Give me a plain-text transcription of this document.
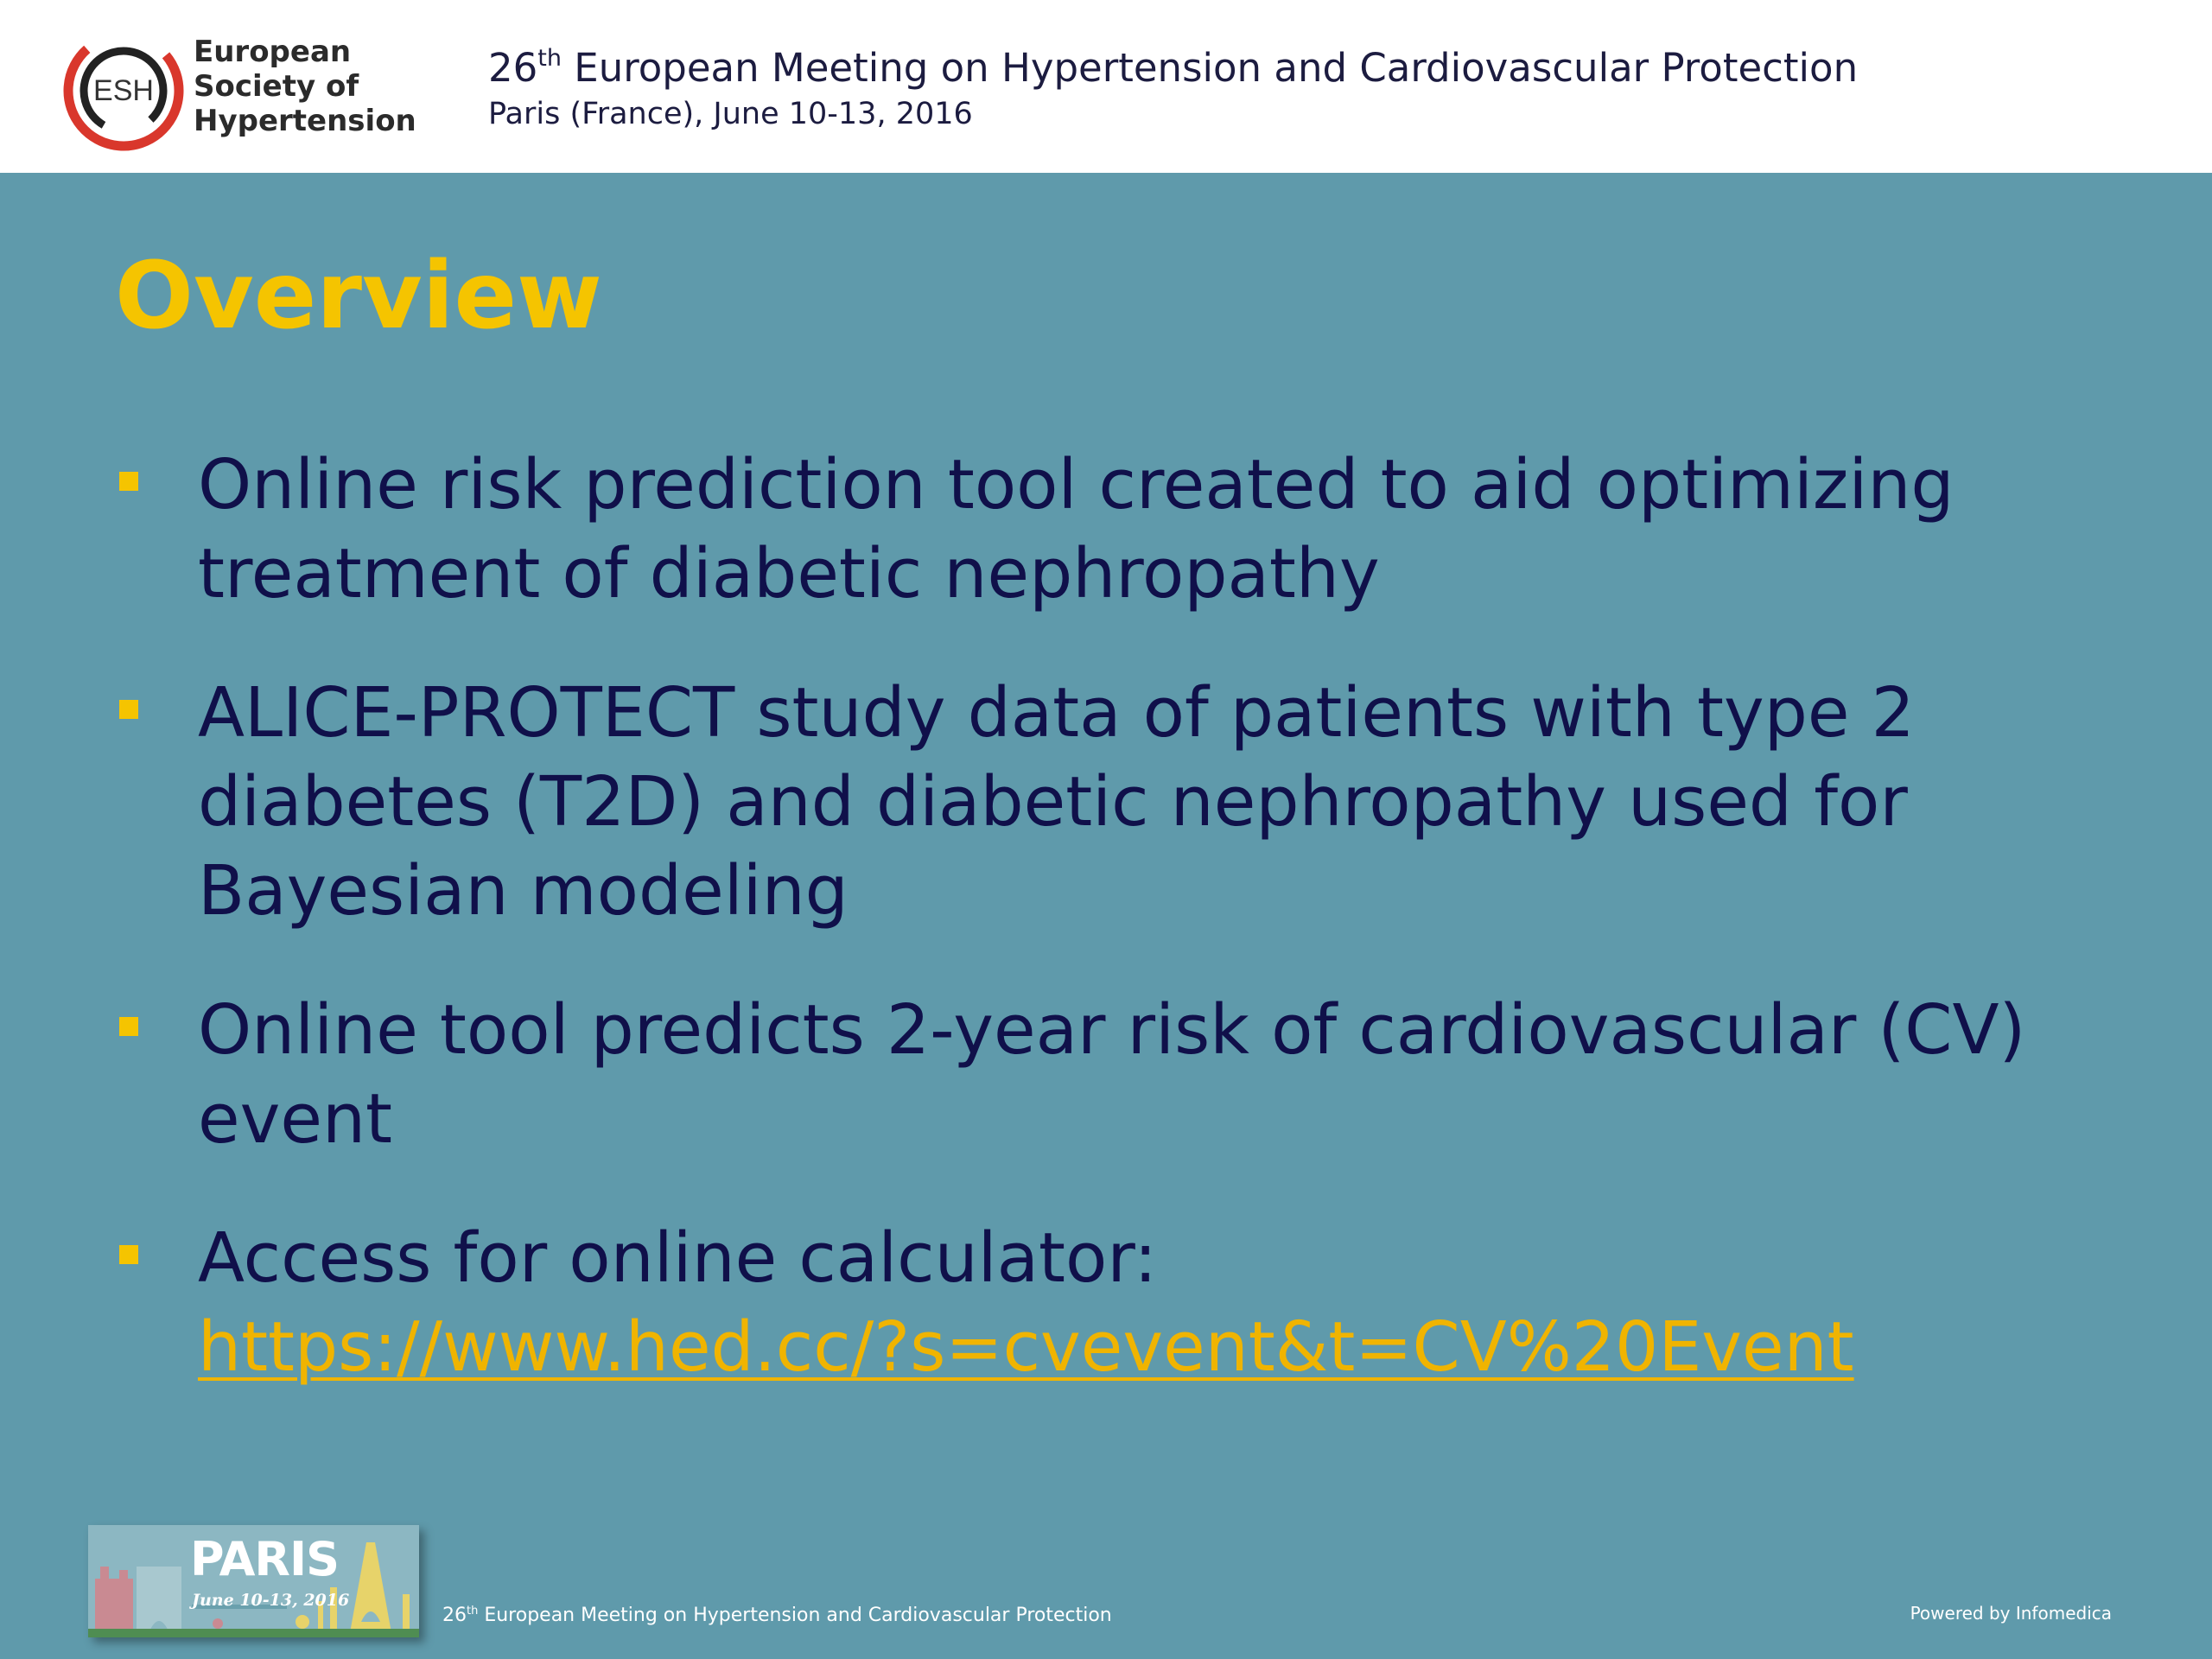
ESH
European
Society of
Hypertension
26th European Meeting on Hypertension and Cardiovascular Protection
Paris (France), June 10-13, 2016
Overview
Online risk prediction tool created to aid optimizing treatment of diabetic nephropathy
ALICE-PROTECT study data of patients with type 2 diabetes (T2D) and diabetic nephropathy used for Bayesian modeling
Online tool predicts 2-year risk of cardiovascular (CV) event
Access for online calculator:
https://www.hed.cc/?s=cvevent&t=CV%20Event
PARIS
June 10-13, 2016
26th European Meeting on Hypertension and Cardiovascular Protection	Powered by Infomedica
